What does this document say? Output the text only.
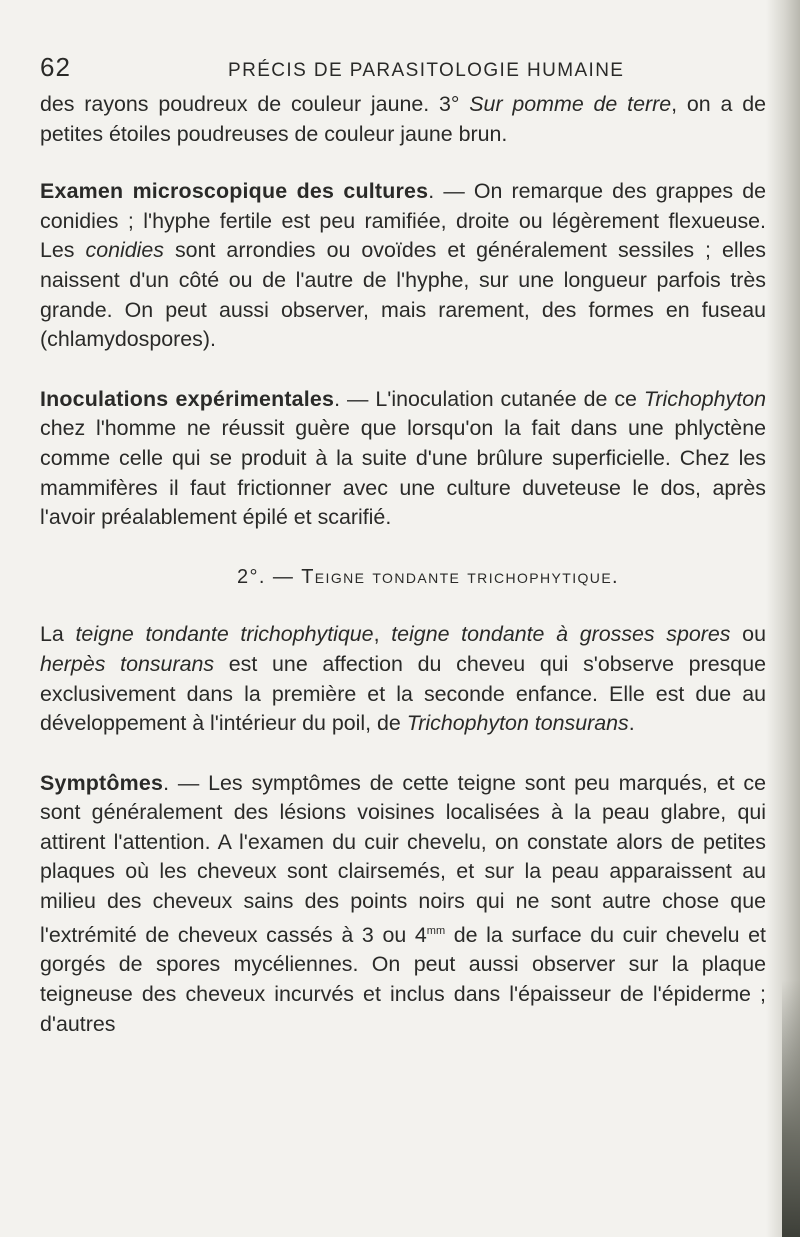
62	PRÉCIS DE PARASITOLOGIE HUMAINE

des rayons poudreux de couleur jaune. 3° Sur pomme de terre, on a de petites étoiles poudreuses de couleur jaune brun.

Examen microscopique des cultures. — On remarque des grappes de conidies ; l'hyphe fertile est peu ramifiée, droite ou légèrement flexueuse. Les conidies sont arrondies ou ovoïdes et généralement sessiles ; elles naissent d'un côté ou de l'autre de l'hyphe, sur une longueur parfois très grande. On peut aussi observer, mais rarement, des formes en fuseau (chlamydospores).

Inoculations expérimentales. — L'inoculation cutanée de ce Trichophyton chez l'homme ne réussit guère que lorsqu'on la fait dans une phlyctène comme celle qui se produit à la suite d'une brûlure superficielle. Chez les mammifères il faut frictionner avec une culture duveteuse le dos, après l'avoir préalablement épilé et scarifié.

2°. — Teigne tondante trichophytique.

La teigne tondante trichophytique, teigne tondante à grosses spores ou herpès tonsurans est une affection du cheveu qui s'observe presque exclusivement dans la première et la seconde enfance. Elle est due au développement à l'intérieur du poil, de Trichophyton tonsurans.

Symptômes. — Les symptômes de cette teigne sont peu marqués, et ce sont généralement des lésions voisines localisées à la peau glabre, qui attirent l'attention. A l'examen du cuir chevelu, on constate alors de petites plaques où les cheveux sont clairsemés, et sur la peau apparaissent au milieu des cheveux sains des points noirs qui ne sont autre chose que l'extrémité de cheveux cassés à 3 ou $4^{mm}$ de la surface du cuir chevelu et gorgés de spores mycéliennes. On peut aussi observer sur la plaque teigneuse des cheveux incurvés et inclus dans l'épaisseur de l'épiderme ; d'autres
